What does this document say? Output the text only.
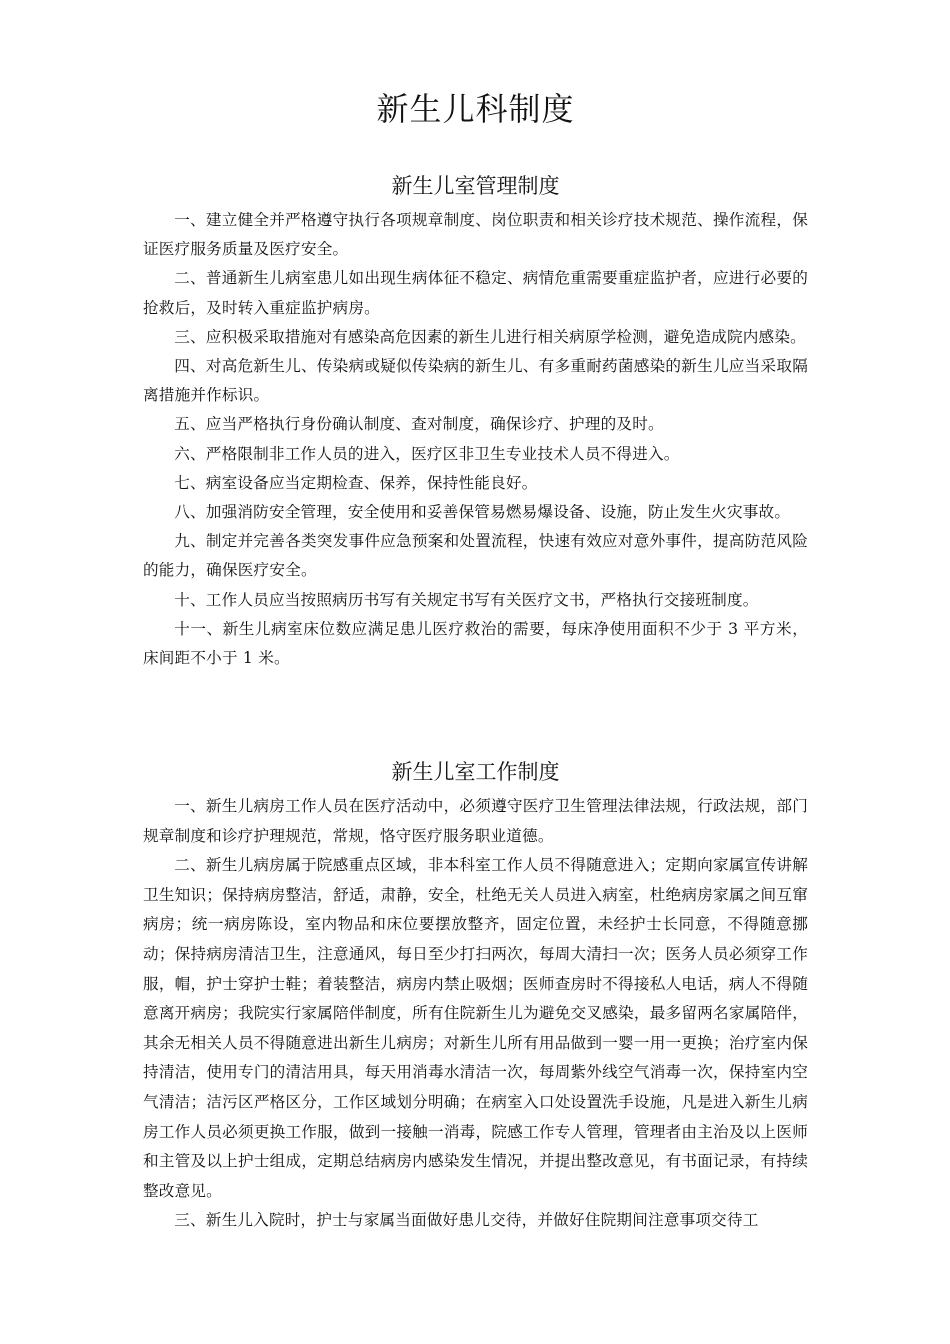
新生儿科制度
新生儿室管理制度

一、建立健全并严格遵守执行各项规章制度、岗位职责和相关诊疗技术规范、操作流程，保证医疗服务质量及医疗安全。

二、普通新生儿病室患儿如出现生病体征不稳定、病情危重需要重症监护者，应进行必要的抢救后，及时转入重症监护病房。

三、应积极采取措施对有感染高危因素的新生儿进行相关病原学检测，避免造成院内感染。

四、对高危新生儿、传染病或疑似传染病的新生儿、有多重耐药菌感染的新生儿应当采取隔离措施并作标识。

五、应当严格执行身份确认制度、查对制度，确保诊疗、护理的及时。

六、严格限制非工作人员的进入，医疗区非卫生专业技术人员不得进入。

七、病室设备应当定期检查、保养，保持性能良好。

八、加强消防安全管理，安全使用和妥善保管易燃易爆设备、设施，防止发生火灾事故。

九、制定并完善各类突发事件应急预案和处置流程，快速有效应对意外事件，提高防范风险的能力，确保医疗安全。

十、工作人员应当按照病历书写有关规定书写有关医疗文书，严格执行交接班制度。

十一、新生儿病室床位数应满足患儿医疗救治的需要，每床净使用面积不少于 3 平方米，床间距不小于 1 米。

新生儿室工作制度

一、新生儿病房工作人员在医疗活动中，必须遵守医疗卫生管理法律法规，行政法规，部门规章制度和诊疗护理规范，常规，恪守医疗服务职业道德。

二、新生儿病房属于院感重点区域，非本科室工作人员不得随意进入；定期向家属宣传讲解卫生知识；保持病房整洁，舒适，肃静，安全，杜绝无关人员进入病室，杜绝病房家属之间互窜病房；统一病房陈设，室内物品和床位要摆放整齐，固定位置，未经护士长同意，不得随意挪动；保持病房清洁卫生，注意通风，每日至少打扫两次，每周大清扫一次；医务人员必须穿工作服，帽，护士穿护士鞋；着装整洁，病房内禁止吸烟；医师查房时不得接私人电话，病人不得随意离开病房；我院实行家属陪伴制度，所有住院新生儿为避免交叉感染，最多留两名家属陪伴，其余无相关人员不得随意进出新生儿病房；对新生儿所有用品做到一婴一用一更换；治疗室内保持清洁，使用专门的清洁用具，每天用消毒水清洁一次，每周紫外线空气消毒一次，保持室内空气清洁；洁污区严格区分，工作区域划分明确；在病室入口处设置洗手设施，凡是进入新生儿病房工作人员必须更换工作服，做到一接触一消毒，院感工作专人管理，管理者由主治及以上医师和主管及以上护士组成，定期总结病房内感染发生情况，并提出整改意见，有书面记录，有持续整改意见。

三、新生儿入院时，护士与家属当面做好患儿交待，并做好住院期间注意事项交待工
